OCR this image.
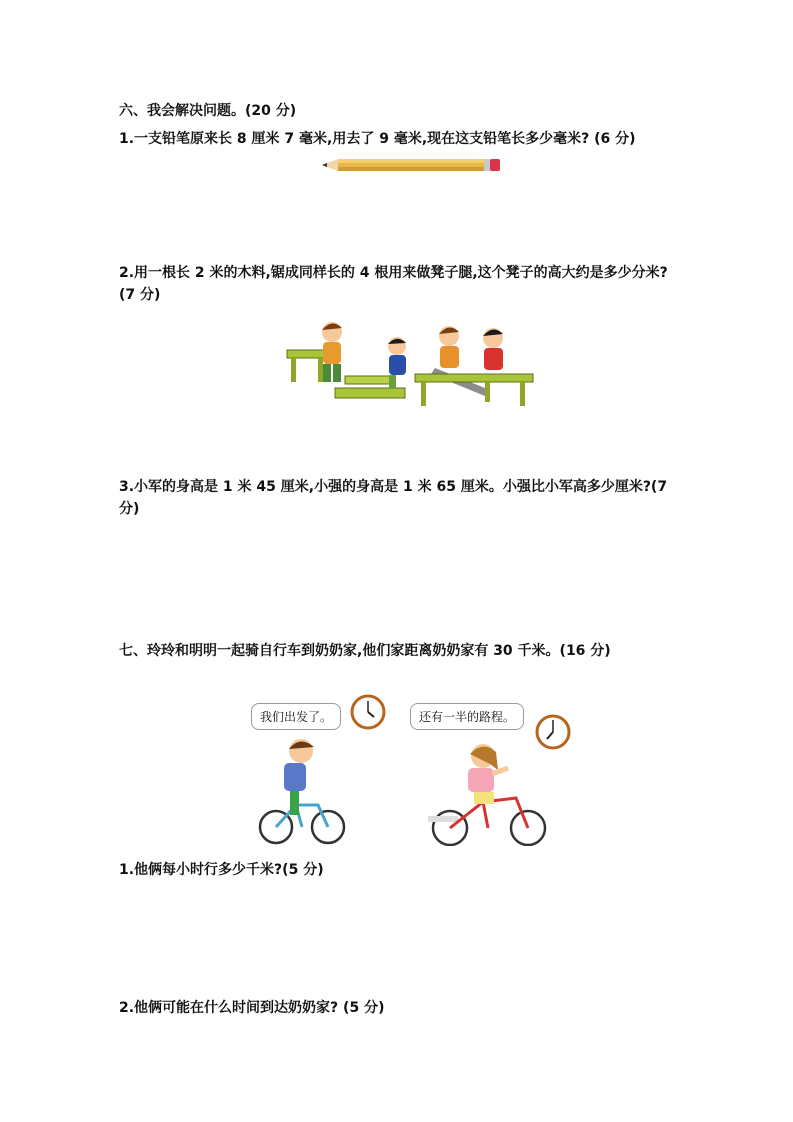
六、我会解决问题。(20 分)
1.一支铅笔原来长 8 厘米 7 毫米,用去了 9 毫米,现在这支铅笔长多少毫米? (6 分)
2.用一根长 2 米的木料,锯成同样长的 4 根用来做凳子腿,这个凳子的高大约是多少分米?(7 分)
3.小军的身高是 1 米 45 厘米,小强的身高是 1 米 65 厘米。小强比小军高多少厘米?(7 分)
七、玲玲和明明一起骑自行车到奶奶家,他们家距离奶奶家有 30 千米。(16 分)
我们出发了。	还有一半的路程。
1.他俩每小时行多少千米?(5 分)
2.他俩可能在什么时间到达奶奶家? (5 分)
